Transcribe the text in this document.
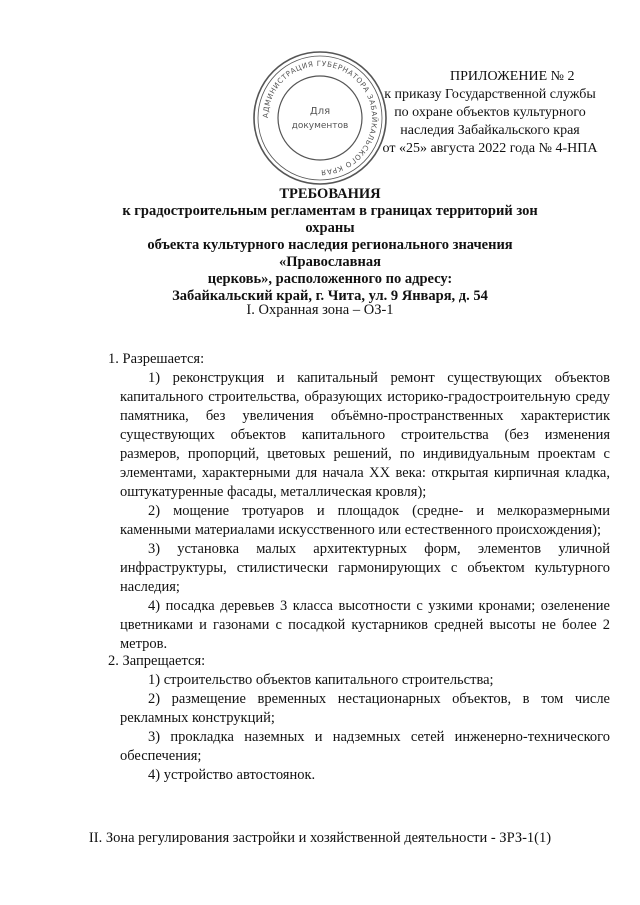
АДМИНИСТРАЦИЯ ГУБЕРНАТОРА ЗАБАЙКАЛЬСКОГО КРАЯ
Для
документов
ПРИЛОЖЕНИЕ № 2
к приказу Государственной службы
по охране объектов культурного
наследия Забайкальского края
от «25» августа 2022 года № 4-НПА
ТРЕБОВАНИЯ
к градостроительным регламентам в границах территорий зон охраны
объекта культурного наследия регионального значения «Православная
церковь», расположенного по адресу:
Забайкальский край, г. Чита, ул. 9 Января, д. 54
I. Охранная зона – ОЗ-1

1. Разрешается:

1) реконструкция и капитальный ремонт существующих объектов капитального строительства, образующих историко-градостроительную среду памятника, без увеличения объёмно-пространственных характеристик существующих объектов капитального строительства (без изменения размеров, пропорций, цветовых решений, по индивидуальным проектам с элементами, характерными для начала XX века: открытая кирпичная кладка, оштукатуренные фасады, металлическая кровля);

2) мощение тротуаров и площадок (средне- и мелкоразмерными каменными материалами искусственного или естественного происхождения);

3) установка малых архитектурных форм, элементов уличной инфраструктуры, стилистически гармонирующих с объектом культурного наследия;

4) посадка деревьев 3 класса высотности с узкими кронами; озеленение цветниками и газонами с посадкой кустарников средней высоты не более 2 метров.

2. Запрещается:

1) строительство объектов капитального строительства;

2) размещение временных нестационарных объектов, в том числе рекламных конструкций;

3) прокладка наземных и надземных сетей инженерно-технического обеспечения;

4) устройство автостоянок.

II. Зона регулирования застройки и хозяйственной деятельности - ЗРЗ-1(1)
